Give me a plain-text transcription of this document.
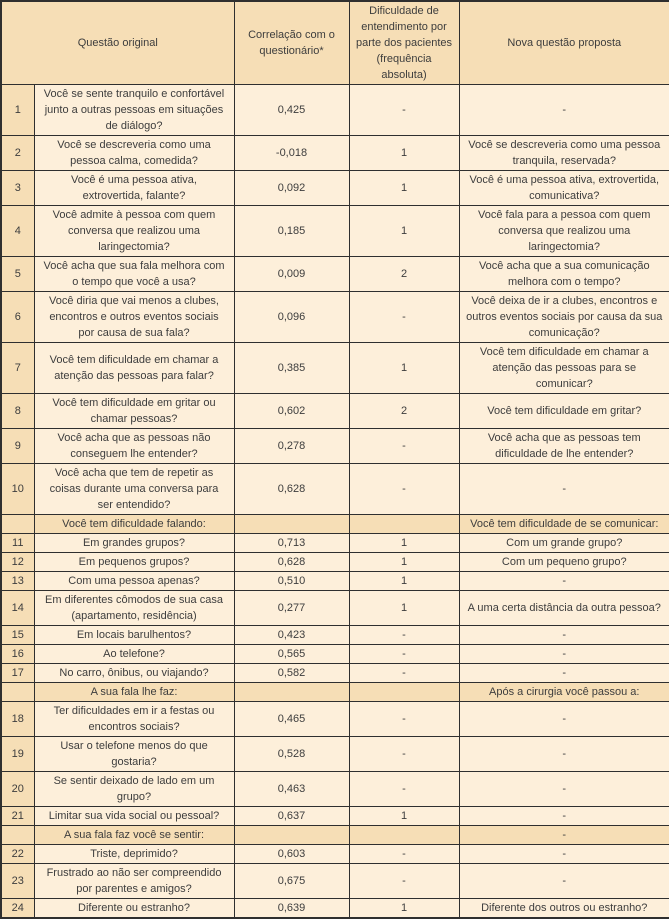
Questão original		Correlação com o questionário*	Dificuldade de entendimento por parte dos pacientes (frequência absoluta)	Nova questão proposta
1	Você se sente tranquilo e confortável junto a outras pessoas em situações de diálogo?	0,425	-	-
2	Você se descreveria como uma pessoa calma, comedida?	-0,018	1	Você se descreveria como uma pessoa tranquila, reservada?
3	Você é uma pessoa ativa, extrovertida, falante?	0,092	1	Você é uma pessoa ativa, extrovertida, comunicativa?
4	Você admite à pessoa com quem conversa que realizou uma laringectomia?	0,185	1	Você fala para a pessoa com quem conversa que realizou uma laringectomia?
5	Você acha que sua fala melhora com o tempo que você a usa?	0,009	2	Você acha que a sua comunicação melhora com o tempo?
6	Você diria que vai menos a clubes, encontros e outros eventos sociais por causa de sua fala?	0,096	-	Você deixa de ir a clubes, encontros e outros eventos sociais por causa da sua comunicação?
7	Você tem dificuldade em chamar a atenção das pessoas para falar?	0,385	1	Você tem dificuldade em chamar a atenção das pessoas para se comunicar?
8	Você tem dificuldade em gritar ou chamar pessoas?	0,602	2	Você tem dificuldade em gritar?
9	Você acha que as pessoas não conseguem lhe entender?	0,278	-	Você acha que as pessoas tem dificuldade de lhe entender?
10	Você acha que tem de repetir as coisas durante uma conversa para ser entendido?	0,628	-	-
	Você tem dificuldade falando:			Você tem dificuldade de se comunicar:
11	Em grandes grupos?	0,713	1	Com um grande grupo?
12	Em pequenos grupos?	0,628	1	Com um pequeno grupo?
13	Com uma pessoa apenas?	0,510	1	-
14	Em diferentes cômodos de sua casa (apartamento, residência)	0,277	1	A uma certa distância da outra pessoa?
15	Em locais barulhentos?	0,423	-	-
16	Ao telefone?	0,565	-	-
17	No carro, ônibus, ou viajando?	0,582	-	-
	A sua fala lhe faz:			Após a cirurgia você passou a:
18	Ter dificuldades em ir a festas ou encontros sociais?	0,465	-	-
19	Usar o telefone menos do que gostaria?	0,528	-	-
20	Se sentir deixado de lado em um grupo?	0,463	-	-
21	Limitar sua vida social ou pessoal?	0,637	1	-
	A sua fala faz você se sentir:			-
22	Triste, deprimido?	0,603	-	-
23	Frustrado ao não ser compreendido por parentes e amigos?	0,675	-	-
24	Diferente ou estranho?	0,639	1	Diferente dos outros ou estranho?
